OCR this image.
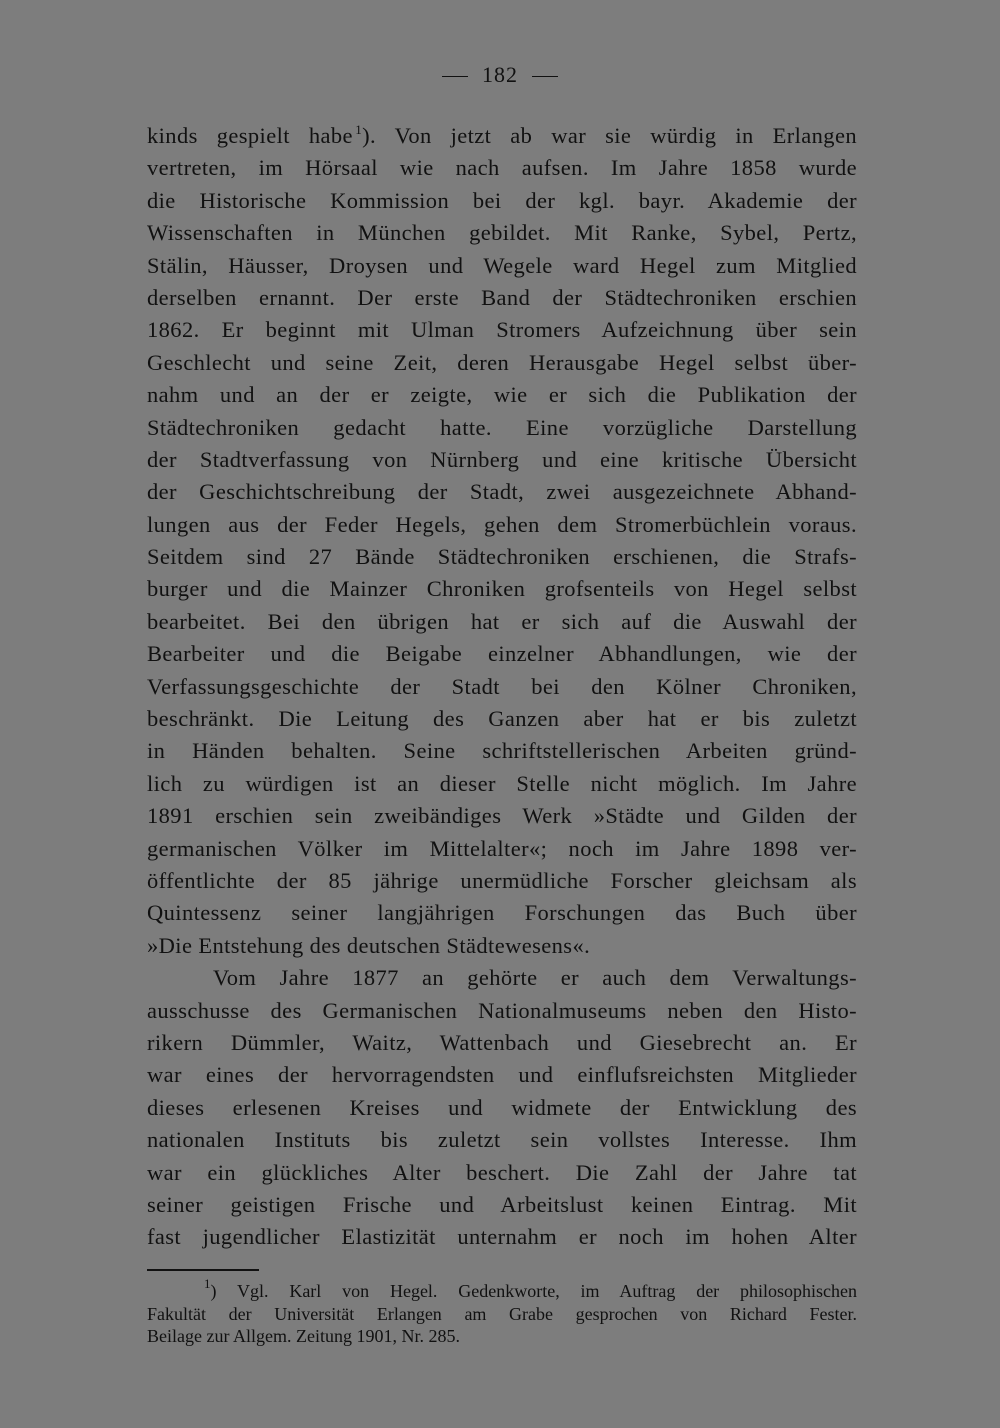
182
kinds gespielt habe  $^1$). Von jetzt ab war sie würdig in Erlangen
vertreten, im Hörsaal wie nach aufsen. Im Jahre 1858 wurde
die Historische Kommission bei der kgl. bayr. Akademie der
Wissenschaften in München gebildet. Mit Ranke, Sybel, Pertz,
Stälin, Häusser, Droysen und Wegele ward Hegel zum Mitglied
derselben ernannt. Der erste Band der Städtechroniken erschien
1862. Er beginnt mit Ulman Stromers Aufzeichnung über sein
Geschlecht und seine Zeit, deren Herausgabe Hegel selbst über-
nahm und an der er zeigte, wie er sich die Publikation der
Städtechroniken gedacht hatte. Eine vorzügliche Darstellung
der Stadtverfassung von Nürnberg und eine kritische Übersicht
der Geschichtschreibung der Stadt, zwei ausgezeichnete Abhand-
lungen aus der Feder Hegels, gehen dem Stromerbüchlein voraus.
Seitdem sind 27 Bände Städtechroniken erschienen, die Strafs-
burger und die Mainzer Chroniken grofsenteils von Hegel selbst
bearbeitet. Bei den übrigen hat er sich auf die Auswahl der
Bearbeiter und die Beigabe einzelner Abhandlungen, wie der
Verfassungsgeschichte der Stadt bei den Kölner Chroniken,
beschränkt. Die Leitung des Ganzen aber hat er bis zuletzt
in Händen behalten. Seine schriftstellerischen Arbeiten gründ-
lich zu würdigen ist an dieser Stelle nicht möglich. Im Jahre
1891 erschien sein zweibändiges Werk »Städte und Gilden der
germanischen Völker im Mittelalter«; noch im Jahre 1898 ver-
öffentlichte der 85 jährige unermüdliche Forscher gleichsam als
Quintessenz seiner langjährigen Forschungen das Buch über
»Die Entstehung des deutschen Städtewesens«.
Vom Jahre 1877 an gehörte er auch dem Verwaltungs-
ausschusse des Germanischen Nationalmuseums neben den Histo-
rikern Dümmler, Waitz, Wattenbach und Giesebrecht an. Er
war eines der hervorragendsten und einflufsreichsten Mitglieder
dieses erlesenen Kreises und widmete der Entwicklung des
nationalen Instituts bis zuletzt sein vollstes Interesse. Ihm
war ein glückliches Alter beschert. Die Zahl der Jahre tat
seiner geistigen Frische und Arbeitslust keinen Eintrag. Mit
fast jugendlicher Elastizität unternahm er noch im hohen Alter
$^1$) Vgl. Karl von Hegel. Gedenkworte, im Auftrag der philosophischen
Fakultät der Universität Erlangen am Grabe gesprochen von Richard Fester.
Beilage zur Allgem. Zeitung 1901, Nr. 285.
